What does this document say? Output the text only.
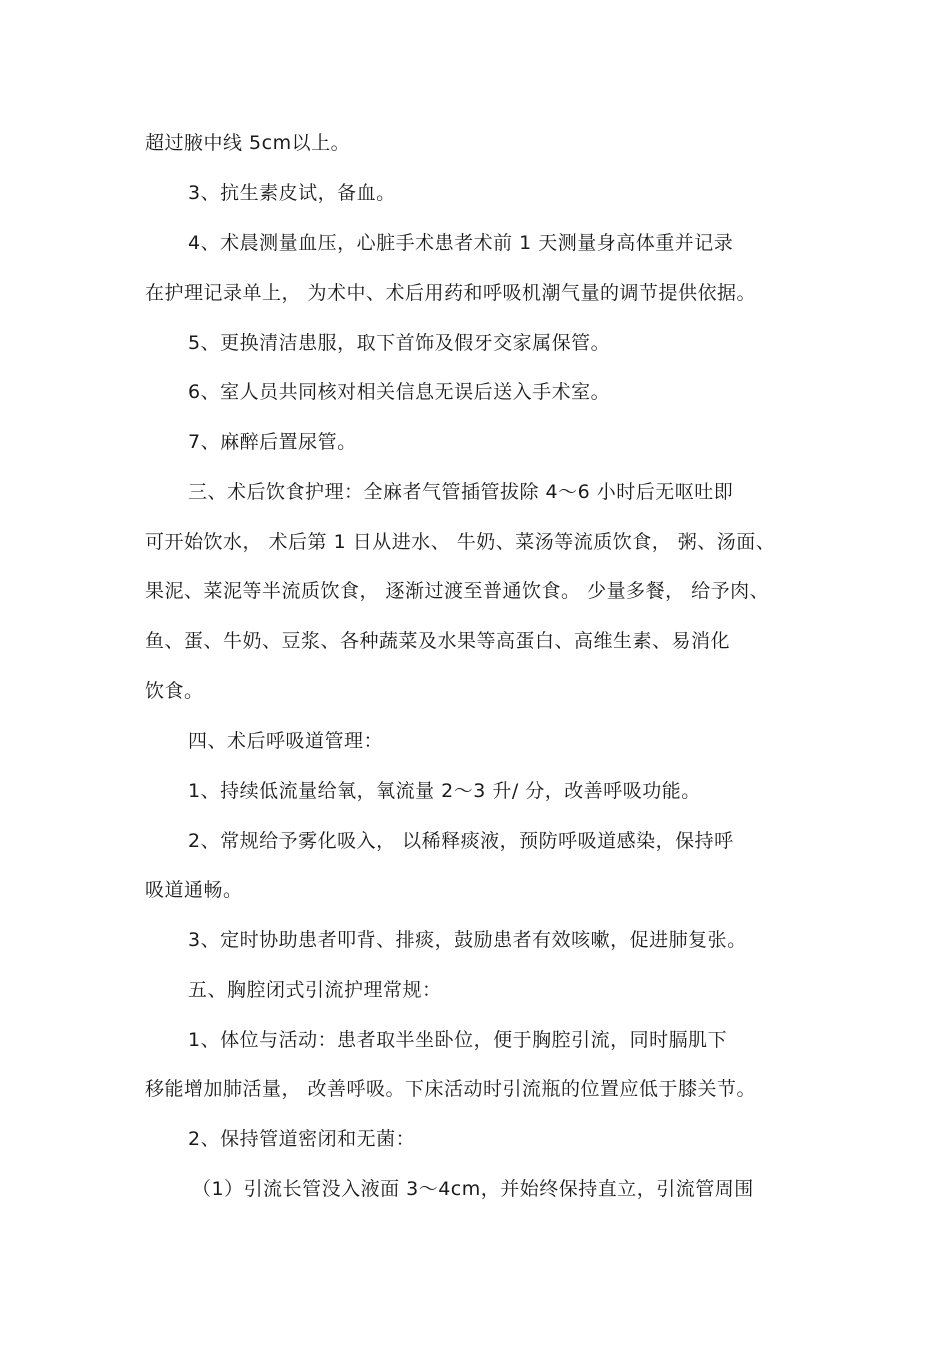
超过腋中线 5cm以上。
3、抗生素皮试，备血。
4、术晨测量血压，心脏手术患者术前 1 天测量身高体重并记录
在护理记录单上， 为术中、术后用药和呼吸机潮气量的调节提供依据。
5、更换清洁患服，取下首饰及假牙交家属保管。
6、室人员共同核对相关信息无误后送入手术室。
7、麻醉后置尿管。
三、术后饮食护理：全麻者气管插管拔除 4～6 小时后无呕吐即
可开始饮水， 术后第 1 日从进水、 牛奶、菜汤等流质饮食， 粥、汤面、
果泥、菜泥等半流质饮食， 逐渐过渡至普通饮食。 少量多餐， 给予肉、
鱼、蛋、牛奶、豆浆、各种蔬菜及水果等高蛋白、高维生素、易消化
饮食。
四、术后呼吸道管理：
1、持续低流量给氧，氧流量 2～3 升/ 分，改善呼吸功能。
2、常规给予雾化吸入， 以稀释痰液，预防呼吸道感染，保持呼
吸道通畅。
3、定时协助患者叩背、排痰，鼓励患者有效咳嗽，促进肺复张。
五、胸腔闭式引流护理常规：
1、体位与活动：患者取半坐卧位，便于胸腔引流，同时膈肌下
移能增加肺活量， 改善呼吸。下床活动时引流瓶的位置应低于膝关节。
2、保持管道密闭和无菌：
（1）引流长管没入液面 3～4cm，并始终保持直立，引流管周围
